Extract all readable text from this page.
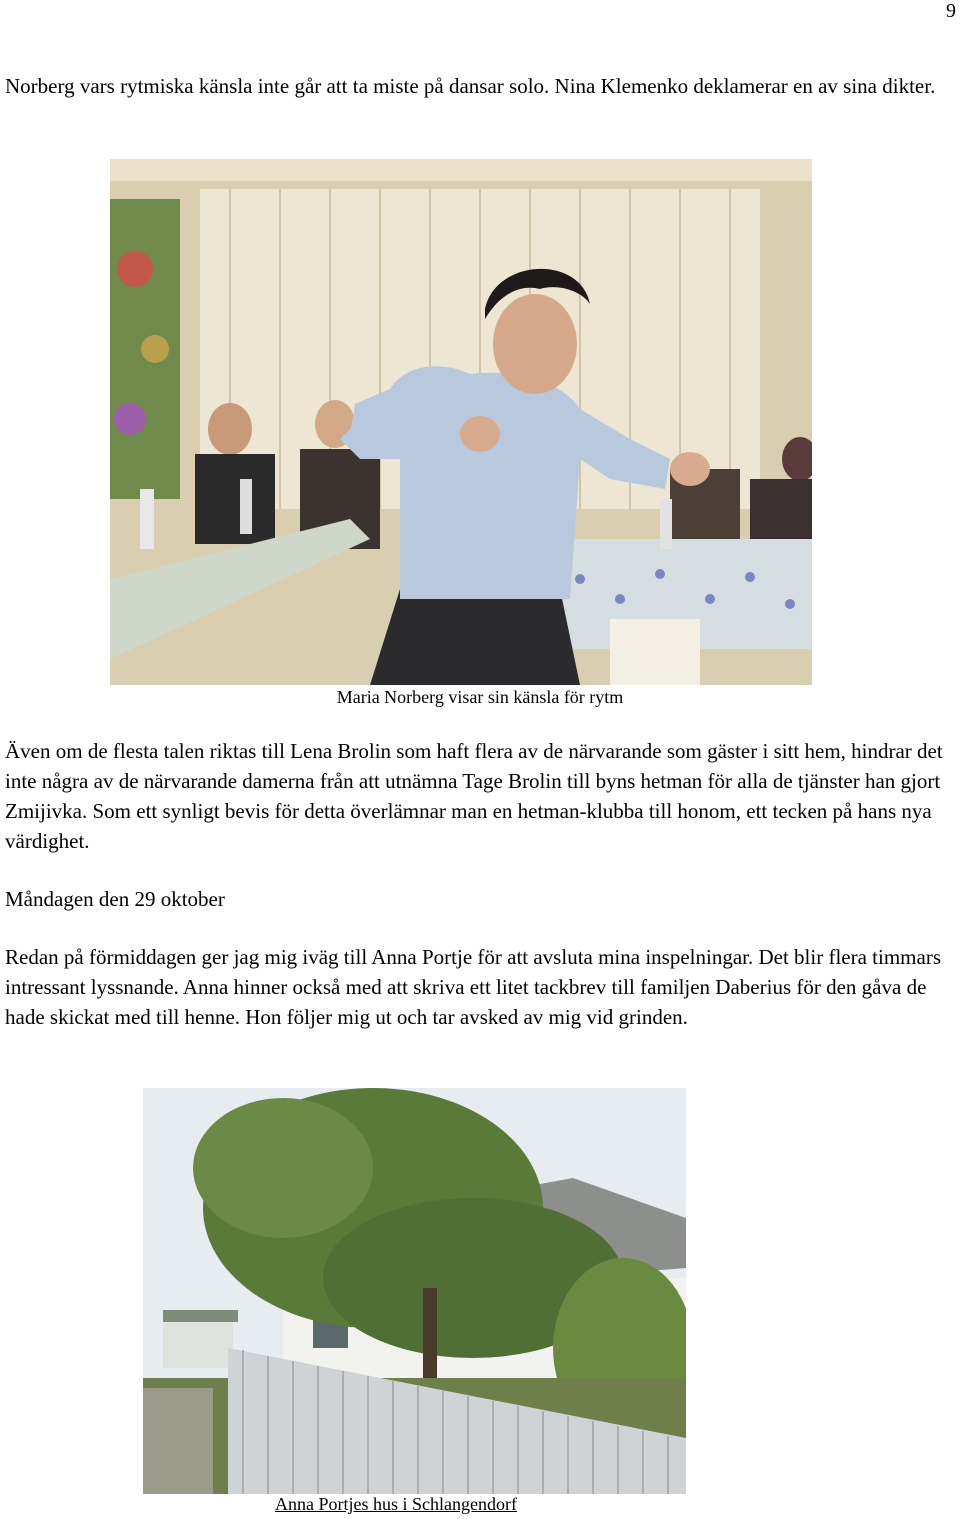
9

Norberg vars rytmiska känsla inte går att ta miste på dansar solo. Nina Klemenko deklamerar en av sina dikter.

Maria Norberg visar sin känsla för rytm

Även om de flesta talen riktas till Lena Brolin som haft flera av de närvarande som gäster i sitt hem, hindrar det inte några av de närvarande damerna från att utnämna Tage Brolin till byns hetman för alla de tjänster han gjort Zmijivka. Som ett synligt bevis för detta överlämnar man en hetman-klubba till honom, ett tecken på hans nya värdighet.

Måndagen den 29 oktober

Redan på förmiddagen ger jag mig iväg till Anna Portje för att avsluta mina inspelningar. Det blir flera timmars intressant lyssnande. Anna hinner också med att skriva ett litet tackbrev till familjen Daberius för den gåva de hade skickat med till henne. Hon följer mig ut och tar avsked av mig vid grinden.

Anna Portjes hus i Schlangendorf
